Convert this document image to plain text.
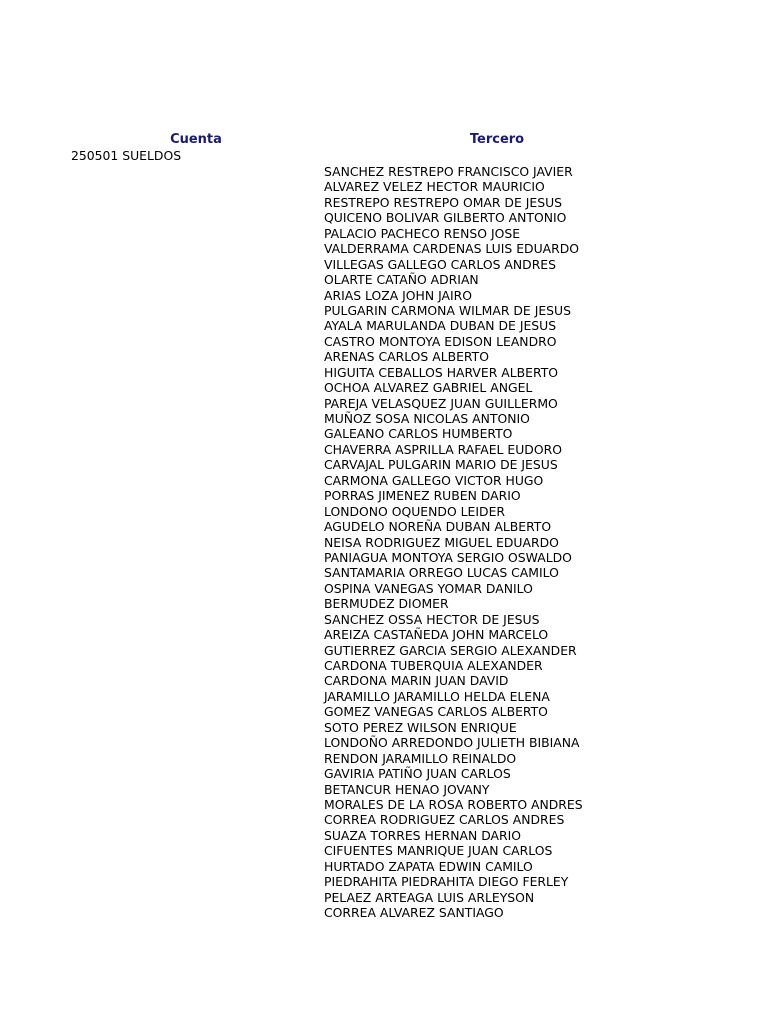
Cuenta	Tercero
250501 SUELDOS
SANCHEZ RESTREPO FRANCISCO JAVIER
ALVAREZ VELEZ HECTOR MAURICIO
RESTREPO RESTREPO OMAR DE JESUS
QUICENO BOLIVAR GILBERTO ANTONIO
PALACIO PACHECO RENSO JOSE
VALDERRAMA CARDENAS LUIS EDUARDO
VILLEGAS GALLEGO CARLOS ANDRES
OLARTE CATAÑO ADRIAN
ARIAS LOZA JOHN JAIRO
PULGARIN CARMONA WILMAR DE JESUS
AYALA MARULANDA DUBAN DE JESUS
CASTRO MONTOYA EDISON LEANDRO
ARENAS CARLOS ALBERTO
HIGUITA CEBALLOS HARVER ALBERTO
OCHOA ALVAREZ GABRIEL ANGEL
PAREJA VELASQUEZ JUAN GUILLERMO
MUÑOZ SOSA NICOLAS ANTONIO
GALEANO CARLOS HUMBERTO
CHAVERRA ASPRILLA RAFAEL EUDORO
CARVAJAL PULGARIN MARIO DE JESUS
CARMONA GALLEGO VICTOR HUGO
PORRAS JIMENEZ RUBEN DARIO
LONDONO OQUENDO LEIDER
AGUDELO NOREÑA DUBAN ALBERTO
NEISA RODRIGUEZ MIGUEL EDUARDO
PANIAGUA MONTOYA SERGIO OSWALDO
SANTAMARIA ORREGO LUCAS CAMILO
OSPINA VANEGAS YOMAR DANILO
BERMUDEZ DIOMER
SANCHEZ OSSA HECTOR DE JESUS
AREIZA CASTAÑEDA JOHN MARCELO
GUTIERREZ GARCIA SERGIO ALEXANDER
CARDONA TUBERQUIA ALEXANDER
CARDONA MARIN JUAN DAVID
JARAMILLO JARAMILLO HELDA ELENA
GOMEZ VANEGAS CARLOS ALBERTO
SOTO PEREZ WILSON ENRIQUE
LONDOÑO ARREDONDO JULIETH BIBIANA
RENDON JARAMILLO REINALDO
GAVIRIA PATIÑO JUAN CARLOS
BETANCUR HENAO JOVANY
MORALES DE LA ROSA ROBERTO ANDRES
CORREA RODRIGUEZ CARLOS ANDRES
SUAZA TORRES HERNAN DARIO
CIFUENTES MANRIQUE JUAN CARLOS
HURTADO ZAPATA EDWIN CAMILO
PIEDRAHITA PIEDRAHITA DIEGO FERLEY
PELAEZ ARTEAGA LUIS ARLEYSON
CORREA ALVAREZ SANTIAGO
